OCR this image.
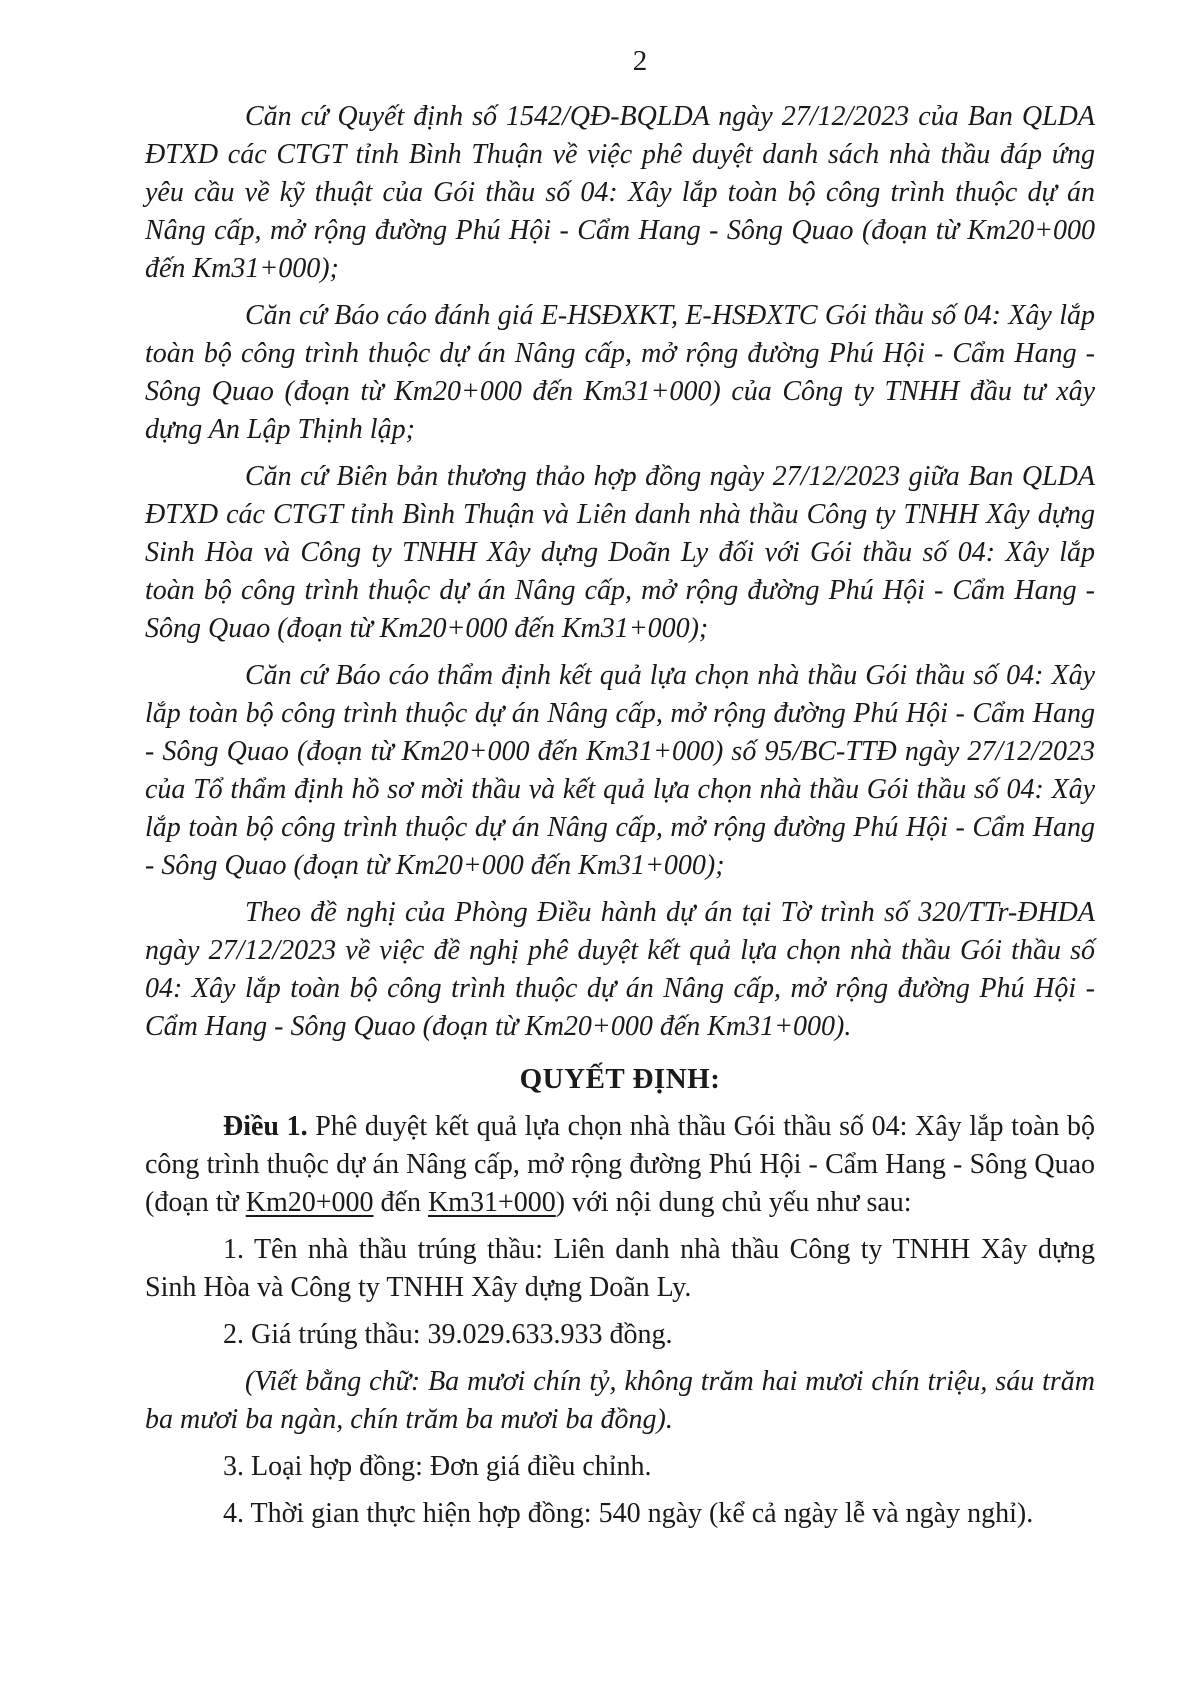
2

Căn cứ Quyết định số 1542/QĐ-BQLDA ngày 27/12/2023 của Ban QLDA ĐTXD các CTGT tỉnh Bình Thuận về việc phê duyệt danh sách nhà thầu đáp ứng yêu cầu về kỹ thuật của Gói thầu số 04: Xây lắp toàn bộ công trình thuộc dự án Nâng cấp, mở rộng đường Phú Hội - Cẩm Hang - Sông Quao (đoạn từ Km20+000 đến Km31+000);

Căn cứ Báo cáo đánh giá E-HSĐXKT, E-HSĐXTC Gói thầu số 04: Xây lắp toàn bộ công trình thuộc dự án Nâng cấp, mở rộng đường Phú Hội - Cẩm Hang - Sông Quao (đoạn từ Km20+000 đến Km31+000) của Công ty TNHH đầu tư xây dựng An Lập Thịnh lập;

Căn cứ Biên bản thương thảo hợp đồng ngày 27/12/2023 giữa Ban QLDA ĐTXD các CTGT tỉnh Bình Thuận và Liên danh nhà thầu Công ty TNHH Xây dựng Sinh Hòa và Công ty TNHH Xây dựng Doãn Ly đối với Gói thầu số 04: Xây lắp toàn bộ công trình thuộc dự án Nâng cấp, mở rộng đường Phú Hội - Cẩm Hang - Sông Quao (đoạn từ Km20+000 đến Km31+000);

Căn cứ Báo cáo thẩm định kết quả lựa chọn nhà thầu Gói thầu số 04: Xây lắp toàn bộ công trình thuộc dự án Nâng cấp, mở rộng đường Phú Hội - Cẩm Hang - Sông Quao (đoạn từ Km20+000 đến Km31+000) số 95/BC-TTĐ ngày 27/12/2023 của Tổ thẩm định hồ sơ mời thầu và kết quả lựa chọn nhà thầu Gói thầu số 04: Xây lắp toàn bộ công trình thuộc dự án Nâng cấp, mở rộng đường Phú Hội - Cẩm Hang - Sông Quao (đoạn từ Km20+000 đến Km31+000);

Theo đề nghị của Phòng Điều hành dự án tại Tờ trình số 320/TTr-ĐHDA ngày 27/12/2023 về việc đề nghị phê duyệt kết quả lựa chọn nhà thầu Gói thầu số 04: Xây lắp toàn bộ công trình thuộc dự án Nâng cấp, mở rộng đường Phú Hội - Cẩm Hang - Sông Quao (đoạn từ Km20+000 đến Km31+000).

QUYẾT ĐỊNH:

Điều 1. Phê duyệt kết quả lựa chọn nhà thầu Gói thầu số 04: Xây lắp toàn bộ công trình thuộc dự án Nâng cấp, mở rộng đường Phú Hội - Cẩm Hang - Sông Quao (đoạn từ Km20+000 đến Km31+000) với nội dung chủ yếu như sau:

1. Tên nhà thầu trúng thầu: Liên danh nhà thầu Công ty TNHH Xây dựng Sinh Hòa và Công ty TNHH Xây dựng Doãn Ly.

2. Giá trúng thầu: 39.029.633.933 đồng.

(Viết bằng chữ: Ba mươi chín tỷ, không trăm hai mươi chín triệu, sáu trăm ba mươi ba ngàn, chín trăm ba mươi ba đồng).

3. Loại hợp đồng: Đơn giá điều chỉnh.

4. Thời gian thực hiện hợp đồng: 540 ngày (kể cả ngày lễ và ngày nghỉ).
